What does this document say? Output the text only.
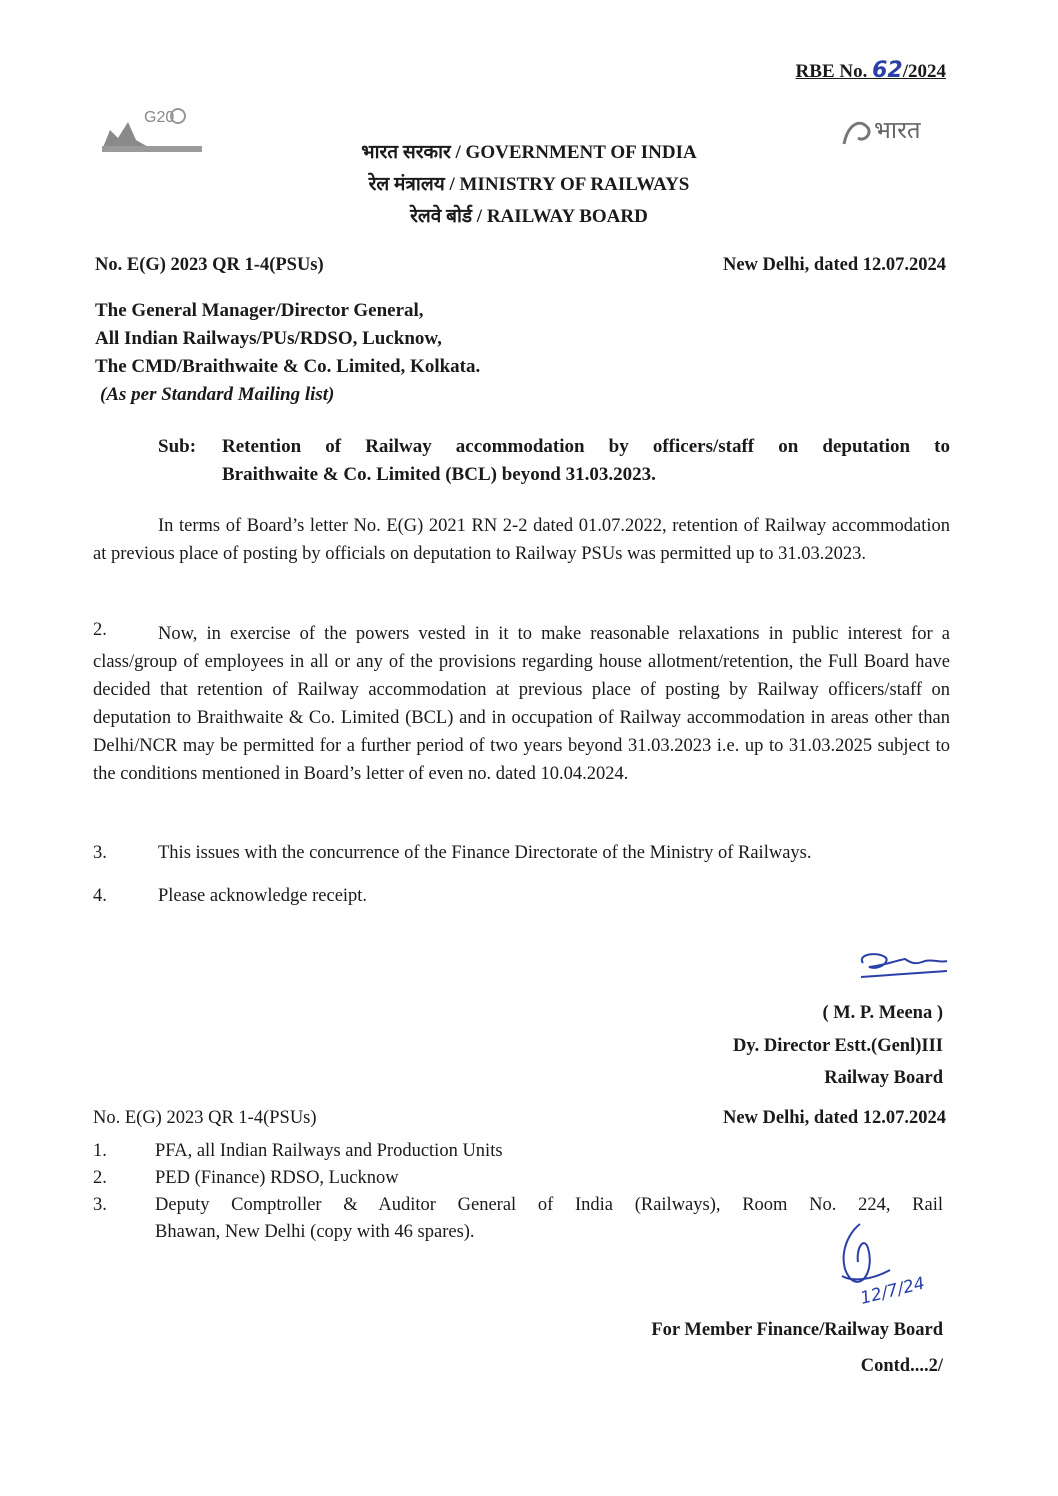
RBE No. 62/2024
G20	भारत
भारत सरकार / GOVERNMENT OF INDIA
रेल मंत्रालय / MINISTRY OF RAILWAYS
रेलवे बोर्ड / RAILWAY BOARD
No. E(G) 2023 QR 1-4(PSUs)	New Delhi, dated 12.07.2024
The General Manager/Director General,
All Indian Railways/PUs/RDSO, Lucknow,
The CMD/Braithwaite & Co. Limited, Kolkata.
(As per Standard Mailing list)
Sub: Retention of Railway accommodation by officers/staff on deputation to
Braithwaite & Co. Limited (BCL) beyond 31.03.2023.
In terms of Board’s letter No. E(G) 2021 RN 2-2 dated 01.07.2022, retention of Railway accommodation at previous place of posting by officials on deputation to Railway PSUs was permitted up to 31.03.2023.
2.	Now, in exercise of the powers vested in it to make reasonable relaxations in public interest for a class/group of employees in all or any of the provisions regarding house allotment/retention, the Full Board have decided that retention of Railway accommodation at previous place of posting by Railway officers/staff on deputation to Braithwaite & Co. Limited (BCL) and in occupation of Railway accommodation in areas other than Delhi/NCR may be permitted for a further period of two years beyond 31.03.2023 i.e. up to 31.03.2025 subject to the conditions mentioned in Board’s letter of even no. dated 10.04.2024.
3.	This issues with the concurrence of the Finance Directorate of the Ministry of Railways.
4.	Please acknowledge receipt.
( M. P. Meena )
Dy. Director Estt.(Genl)III
Railway Board
No. E(G) 2023 QR 1-4(PSUs)	New Delhi, dated 12.07.2024
1.	PFA, all Indian Railways and Production Units
2.	PED (Finance) RDSO, Lucknow
3.	Deputy Comptroller & Auditor General of India (Railways), Room No. 224, Rail
Bhawan, New Delhi (copy with 46 spares).
12/7/24
For Member Finance/Railway Board
Contd....2/
